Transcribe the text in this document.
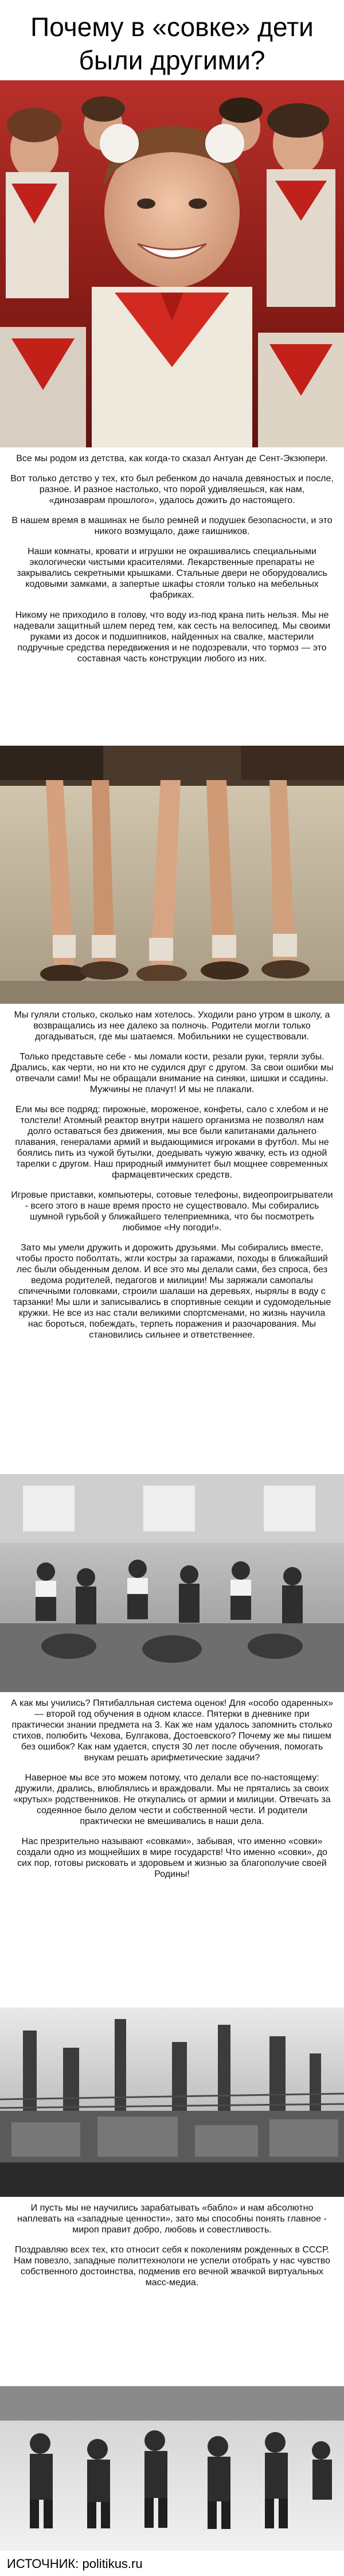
Почему в «совке» дети были другими?

Все мы родом из детства, как когда-то сказал Антуан де Сент-Экзюпери.

Вот только детство у тех, кто был ребенком до начала девяностых и после, разное. И разное настолько, что порой удивляешься, как нам, «динозаврам прошлого», удалось дожить до настоящего.

В нашем время в машинах не было ремней и подушек безопасности, и это никого возмущало, даже гаишников.

Наши комнаты, кровати и игрушки не окрашивались специальными экологически чистыми красителями. Лекарственные препараты не закрывались секретными крышками. Стальные двери не оборудовались кодовыми замками, а запертые шкафы стояли только на мебельных фабриках.

Никому не приходило в голову, что воду из-под крана пить нельзя. Мы не надевали защитный шлем перед тем, как сесть на велосипед. Мы своими руками из досок и подшипников, найденных на свалке, мастерили подручные средства передвижения и не подозревали, что тормоз — это составная часть конструкции любого из них.

Мы гуляли столько, сколько нам хотелось. Уходили рано утром в школу, а возвращались из нее далеко за полночь. Родители могли только догадываться, где мы шатаемся. Мобильники не существовали.

Только представьте себе - мы ломали кости, резали руки, теряли зубы. Дрались, как черти, но ни кто не судился друг с другом. За свои ошибки мы отвечали сами! Мы не обращали внимание на синяки, шишки и ссадины. Мужчины не плачут! И мы не плакали.

Ели мы все подряд: пирожные, мороженое, конфеты, сало с хлебом и не толстели! Атомный реактор внутри нашего организма не позволял нам долго оставаться без движения, мы все были капитанами дальнего плавания, генералами армий и выдающимися игроками в футбол. Мы не боялись пить из чужой бутылки, доедывать чужую жвачку, есть из одной тарелки с другом. Наш природный иммунитет был мощнее современных фармацевтических средств.

Игровые приставки, компьютеры, сотовые телефоны, видеопроигрыватели - всего этого в наше время просто не существовало. Мы собирались шумной гурьбой у ближайшего телеприемника, что бы посмотреть любимое «Ну погоди!».

Зато мы умели дружить и дорожить друзьями. Мы собирались вместе, чтобы просто поболтать, жгли костры за гаражами, походы в ближайший лес были обыденным делом. И все это мы делали сами, без спроса, без ведома родителей, педагогов и милиции! Мы заряжали самопалы спичечными головками, строили шалаши на деревьях, нырялы в воду с тарзанки! Мы шли и записывались в спортивные секции и судомодельные кружки. Не все из нас стали великими спортсменами, но жизнь научила нас бороться, побеждать, терпеть поражения и разочарования. Мы становились сильнее и ответственнее.

А как мы учились? Пятибалльная система оценок! Для «особо одаренных» — второй год обучения в одном классе. Пятерки в дневнике при практически знании предмета на 3. Как же нам удалось запомнить столько стихов, полюбить Чехова, Булгакова, Достоевского? Почему же мы пишем без ошибок? Как нам удается, спустя 30 лет после обучения, помогать внукам решать арифметические задачи?

Наверное мы все это можем потому, что делали все по-настоящему: дружили, дрались, влюблялись и враждовали. Мы не прятались за своих «крутых» родственников. Не откупались от армии и милиции. Отвечать за содеянное было делом чести и собственной чести. И родители практически не вмешивались в наши дела.

Нас презрительно называют «совками», забывая, что именно «совки» создали одно из мощнейших в мире государств! Что именно «совки», до сих пор, готовы рисковать и здоровьем и жизнью за благополучие своей Родины!

И пусть мы не научились зарабатывать «бабло» и нам абсолютно наплевать на «западные ценности», зато мы способны понять главное - мироп правит добро, любовь и совестливость.

Поздравляю всех тех, кто относит себя к поколениям рожденных в СССР. Нам повезло, западные политтехнологи не успели отобрать у нас чувство собственного достоинства, подменив его вечной жвачкой виртуальных масс-медиа.

ИСТОЧНИК: politikus.ru
